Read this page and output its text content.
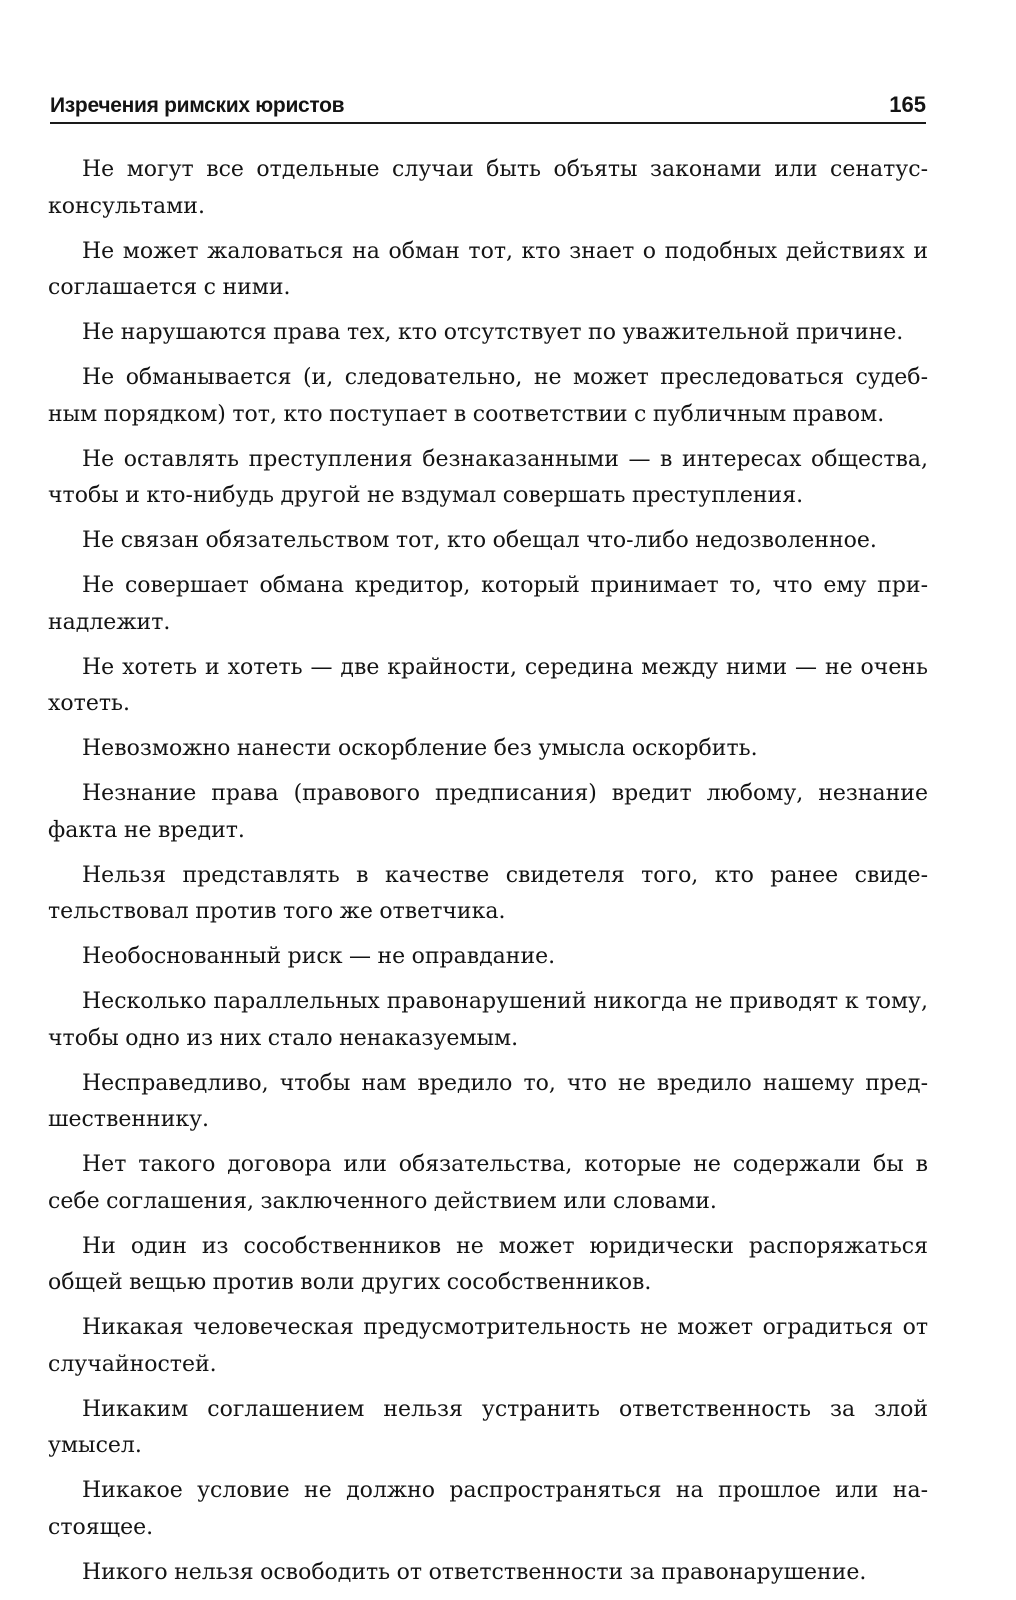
Изречения римских юристов	165

Не могут все отдельные случаи быть объяты законами или сенатусконсультами.

Не может жаловаться на обман тот, кто знает о подобных действиях и соглашается с ними.

Не нарушаются права тех, кто отсутствует по уважительной причине.

Не обманывается (и, следовательно, не может преследоваться судебным порядком) тот, кто поступает в соответствии с публичным правом.

Не оставлять преступления безнаказанными — в интересах общества, чтобы и кто-нибудь другой не вздумал совершать преступления.

Не связан обязательством тот, кто обещал что-либо недозволенное.

Не совершает обмана кредитор, который принимает то, что ему принадлежит.

Не хотеть и хотеть — две крайности, середина между ними — не очень хотеть.

Невозможно нанести оскорбление без умысла оскорбить.

Незнание права (правового предписания) вредит любому, незнание факта не вредит.

Нельзя представлять в качестве свидетеля того, кто ранее свидетельствовал против того же ответчика.

Необоснованный риск — не оправдание.

Несколько параллельных правонарушений никогда не приводят к тому, чтобы одно из них стало ненаказуемым.

Несправедливо, чтобы нам вредило то, что не вредило нашему предшественнику.

Нет такого договора или обязательства, которые не содержали бы в себе соглашения, заключенного действием или словами.

Ни один из сособственников не может юридически распоряжаться общей вещью против воли других сособственников.

Никакая человеческая предусмотрительность не может оградиться от случайностей.

Никаким соглашением нельзя устранить ответственность за злой умысел.

Никакое условие не должно распространяться на прошлое или настоящее.

Никого нельзя освободить от ответственности за правонарушение.
